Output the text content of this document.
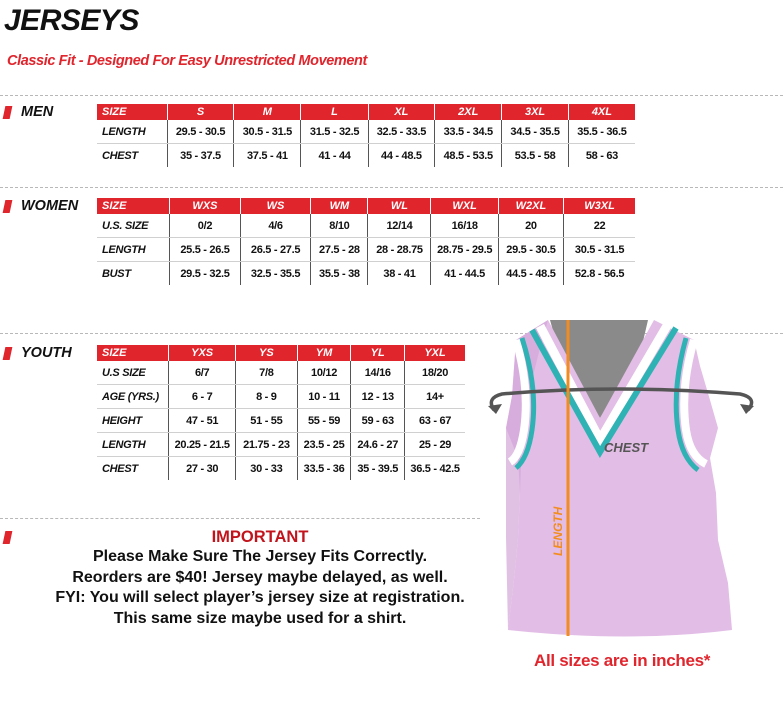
JERSEYS
Classic Fit - Designed For Easy Unrestricted Movement
MEN	SIZE	S	M	L	XL	2XL	3XL	4XL
LENGTH	29.5 - 30.5	30.5 - 31.5	31.5 - 32.5	32.5 - 33.5	33.5 - 34.5	34.5 - 35.5	35.5 - 36.5
CHEST	35 - 37.5	37.5 - 41	41 - 44	44 - 48.5	48.5 - 53.5	53.5 - 58	58 - 63
WOMEN SIZE	WXS	WS	WM	WL	WXL	W2XL	W3XL
U.S. SIZE	0/2	4/6	8/10	12/14	16/18	20	22
LENGTH	25.5 - 26.5	26.5 - 27.5	27.5 - 28	28 - 28.75	28.75 - 29.5	29.5 - 30.5	30.5 - 31.5
BUST	29.5 - 32.5	32.5 - 35.5	35.5 - 38	38 - 41	41 - 44.5	44.5 - 48.5	52.8 - 56.5
YOUTH	SIZE	YXS	YS	YM	YL	YXL
U.S SIZE	6/7	7/8	10/12	14/16	18/20
AGE (YRS.)	6 - 7	8 - 9	10 - 11	12 - 13	14+
HEIGHT	47 - 51	51 - 55	55 - 59	59 - 63	63 - 67
LENGTH	20.25 - 21.5	21.75 - 23	23.5 - 25	24.6 - 27	25 - 29
CHEST	27 - 30	30 - 33	33.5 - 36	35 - 39.5	36.5 - 42.5
IMPORTANT
Please Make Sure The Jersey Fits Correctly.
Reorders are $40! Jersey maybe delayed, as well.
FYI: You will select player’s jersey size at registration.
This same size maybe used for a shirt.
CHEST
LENGTH
All sizes are in inches*
